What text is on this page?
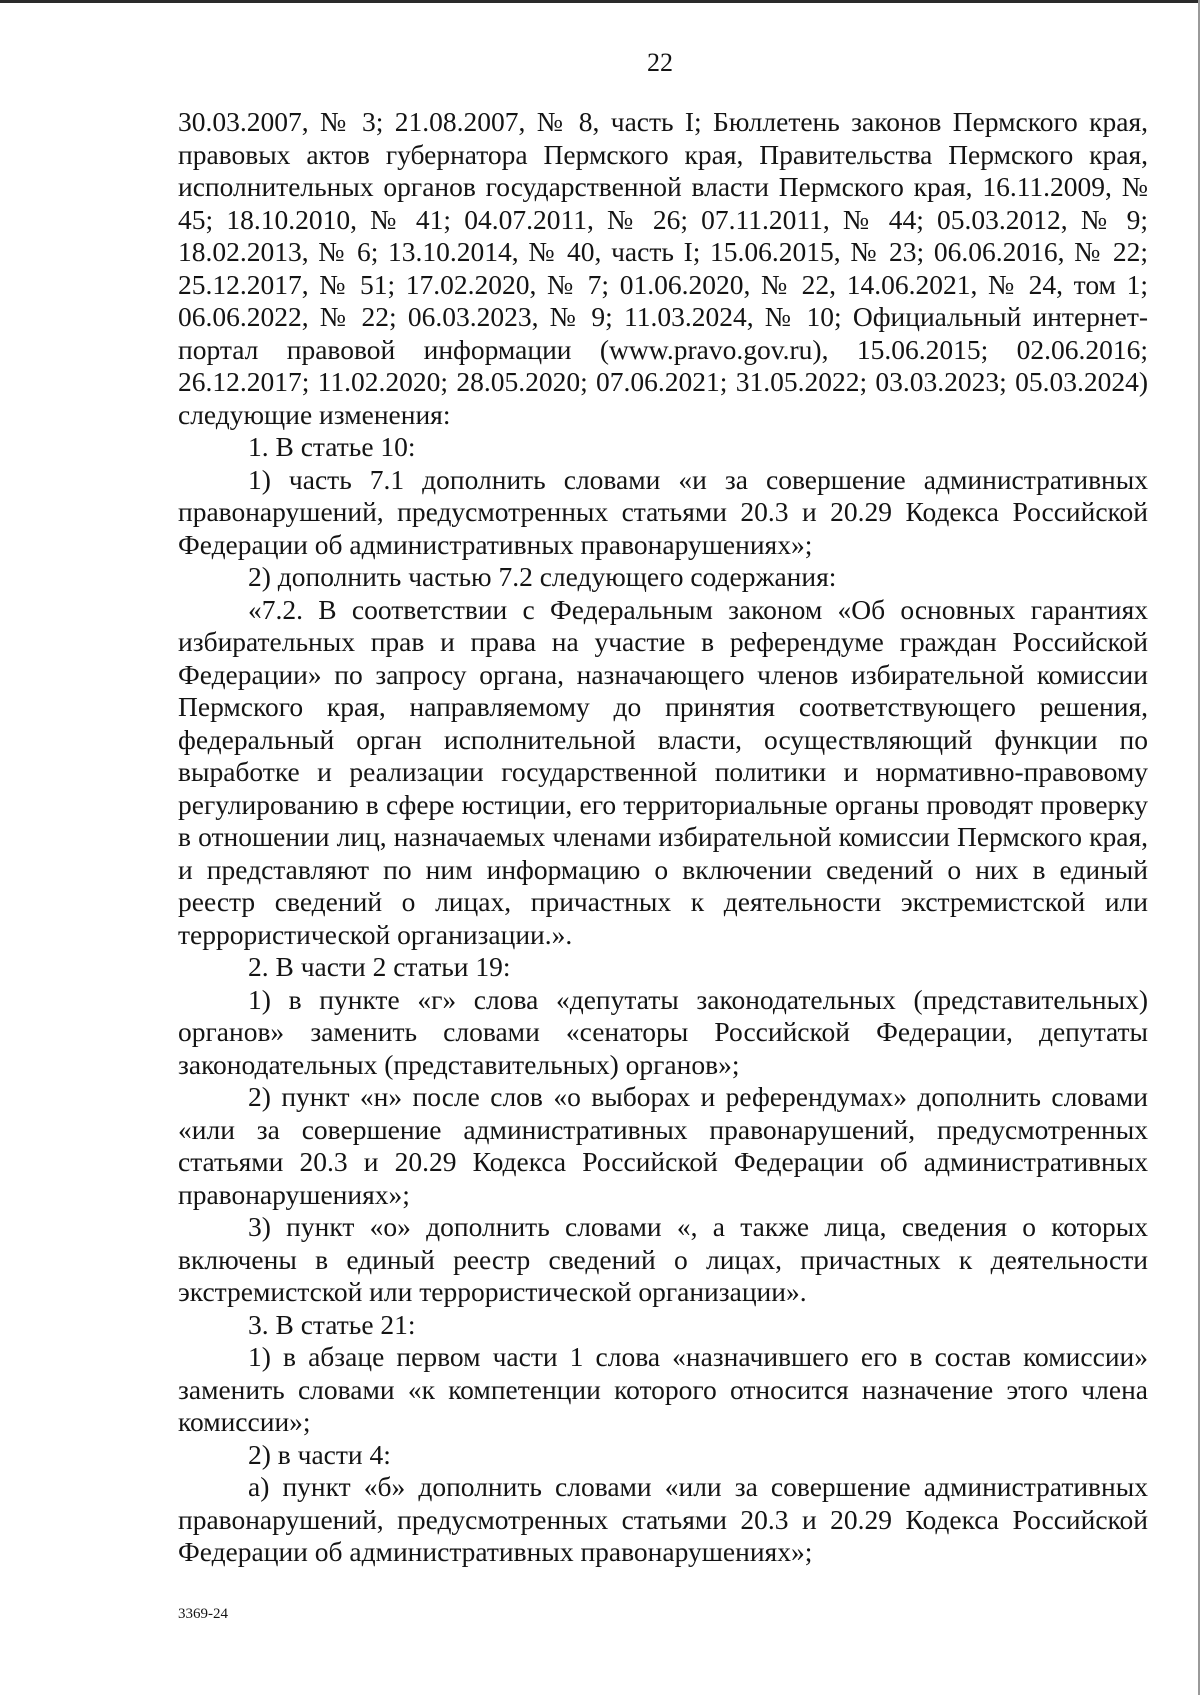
22

30.03.2007, № 3; 21.08.2007, № 8, часть I; Бюллетень законов Пермского края, правовых актов губернатора Пермского края, Правительства Пермского края, исполнительных органов государственной власти Пермского края, 16.11.2009, № 45; 18.10.2010, № 41; 04.07.2011, № 26; 07.11.2011, № 44; 05.03.2012, № 9; 18.02.2013, № 6; 13.10.2014, № 40, часть I; 15.06.2015, № 23; 06.06.2016, № 22; 25.12.2017, № 51; 17.02.2020, № 7; 01.06.2020, № 22, 14.06.2021, № 24, том 1; 06.06.2022, № 22; 06.03.2023, № 9; 11.03.2024, № 10; Официальный интернет-портал правовой информации (www.pravo.gov.ru), 15.06.2015; 02.06.2016; 26.12.2017; 11.02.2020; 28.05.2020; 07.06.2021; 31.05.2022; 03.03.2023; 05.03.2024) следующие изменения:

1. В статье 10:

1) часть 7.1 дополнить словами «и за совершение административных правонарушений, предусмотренных статьями 20.3 и 20.29 Кодекса Российской Федерации об административных правонарушениях»;

2) дополнить частью 7.2 следующего содержания:

«7.2. В соответствии с Федеральным законом «Об основных гарантиях избирательных прав и права на участие в референдуме граждан Российской Федерации» по запросу органа, назначающего членов избирательной комиссии Пермского края, направляемому до принятия соответствующего решения, федеральный орган исполнительной власти, осуществляющий функции по выработке и реализации государственной политики и нормативно-правовому регулированию в сфере юстиции, его территориальные органы проводят проверку в отношении лиц, назначаемых членами избирательной комиссии Пермского края, и представляют по ним информацию о включении сведений о них в единый реестр сведений о лицах, причастных к деятельности экстремистской или террористической организации.».

2. В части 2 статьи 19:

1) в пункте «г» слова «депутаты законодательных (представительных) органов» заменить словами «сенаторы Российской Федерации, депутаты законодательных (представительных) органов»;

2) пункт «н» после слов «о выборах и референдумах» дополнить словами «или за совершение административных правонарушений, предусмотренных статьями 20.3 и 20.29 Кодекса Российской Федерации об административных правонарушениях»;

3) пункт «о» дополнить словами «, а также лица, сведения о которых включены в единый реестр сведений о лицах, причастных к деятельности экстремистской или террористической организации».

3. В статье 21:

1) в абзаце первом части 1 слова «назначившего его в состав комиссии» заменить словами «к компетенции которого относится назначение этого члена комиссии»;

2) в части 4:

а) пункт «б» дополнить словами «или за совершение административных правонарушений, предусмотренных статьями 20.3 и 20.29 Кодекса Российской Федерации об административных правонарушениях»;

3369-24
